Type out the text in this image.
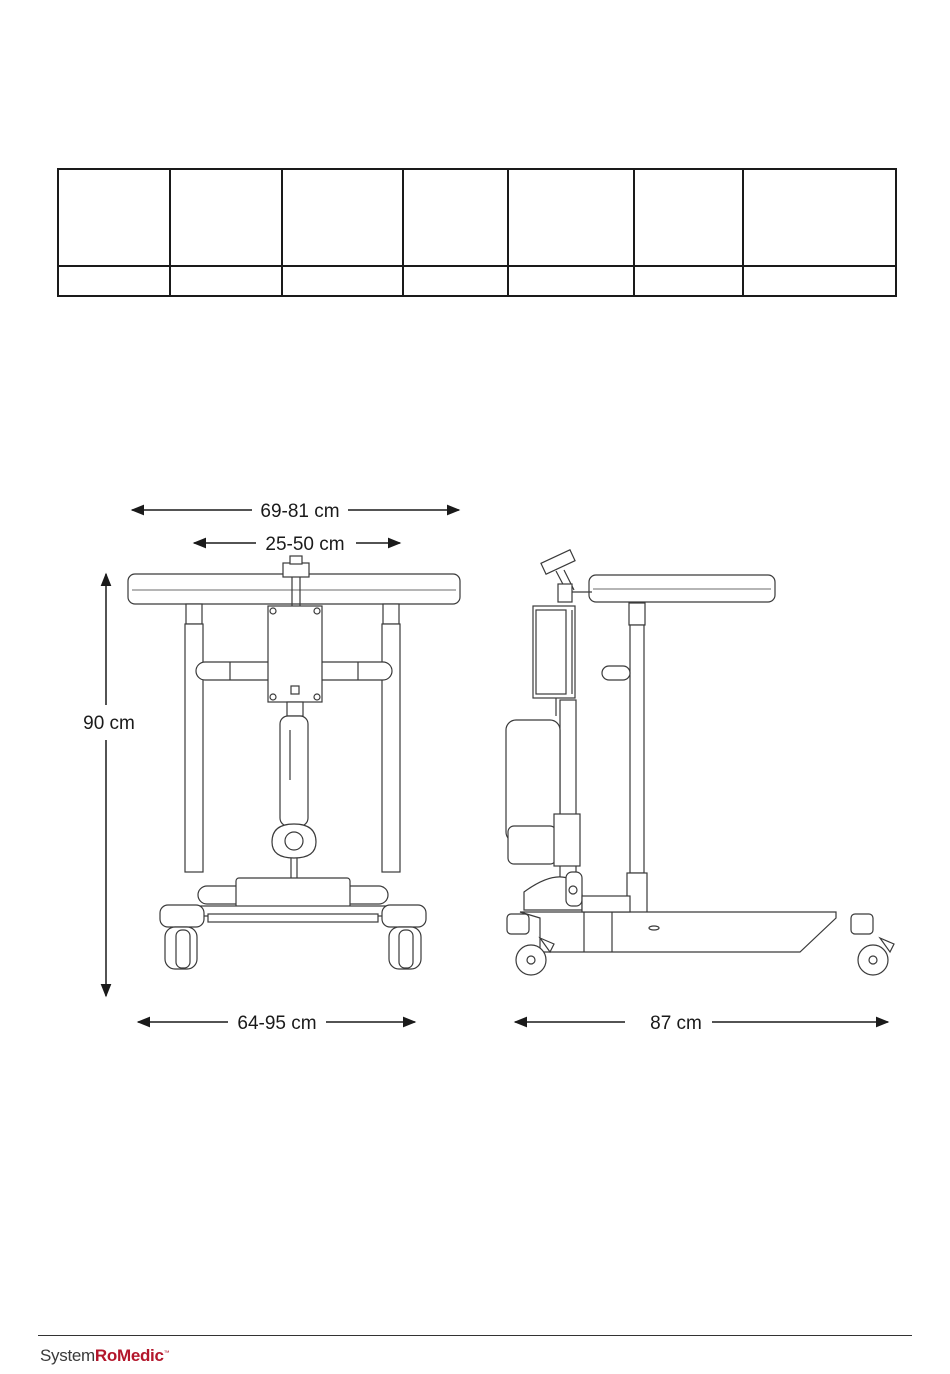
69-81 cm
25-50 cm
90 cm
64-95 cm	87 cm
SystemRoMedic™
